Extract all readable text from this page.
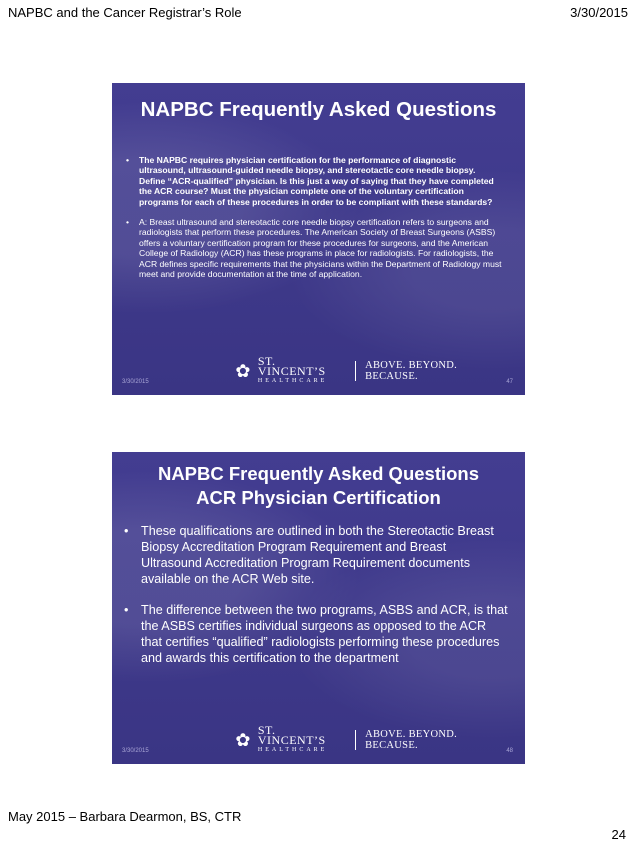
NAPBC and the Cancer Registrar’s Role	3/30/2015
NAPBC Frequently Asked Questions
•	The NAPBC requires physician certification for the performance of diagnostic ultrasound, ultrasound-guided needle biopsy, and stereotactic core needle biopsy. Define “ACR-qualified” physician. Is this just a way of saying that they have completed the ACR course? Must the physician complete one of the voluntary certification programs for each of these procedures in order to be compliant with these standards?
•	A: Breast ultrasound and stereotactic core needle biopsy certification refers to surgeons and radiologists that perform these procedures. The American Society of Breast Surgeons (ASBS) offers a voluntary certification program for these procedures for surgeons, and the American College of Radiology (ACR) has these programs in place for radiologists. For radiologists, the ACR defines specific requirements that the physicians within the Department of Radiology must meet and provide documentation at the time of application.
3/30/2015
✿ ST. VINCENT’S
HEALTHCARE
ABOVE. BEYOND. BECAUSE.	47
NAPBC Frequently Asked Questions
ACR Physician Certification
• These qualifications are outlined in both the Stereotactic Breast Biopsy Accreditation Program Requirement and Breast Ultrasound Accreditation Program Requirement documents available on the ACR Web site.
• The difference between the two programs, ASBS and ACR, is that the ASBS certifies individual surgeons as opposed to the ACR that certifies “qualified” radiologists performing these procedures and awards this certification to the department
3/30/2015
✿ ST. VINCENT’S
HEALTHCARE
ABOVE. BEYOND. BECAUSE.	48
May 2015 – Barbara Dearmon, BS, CTR
24
